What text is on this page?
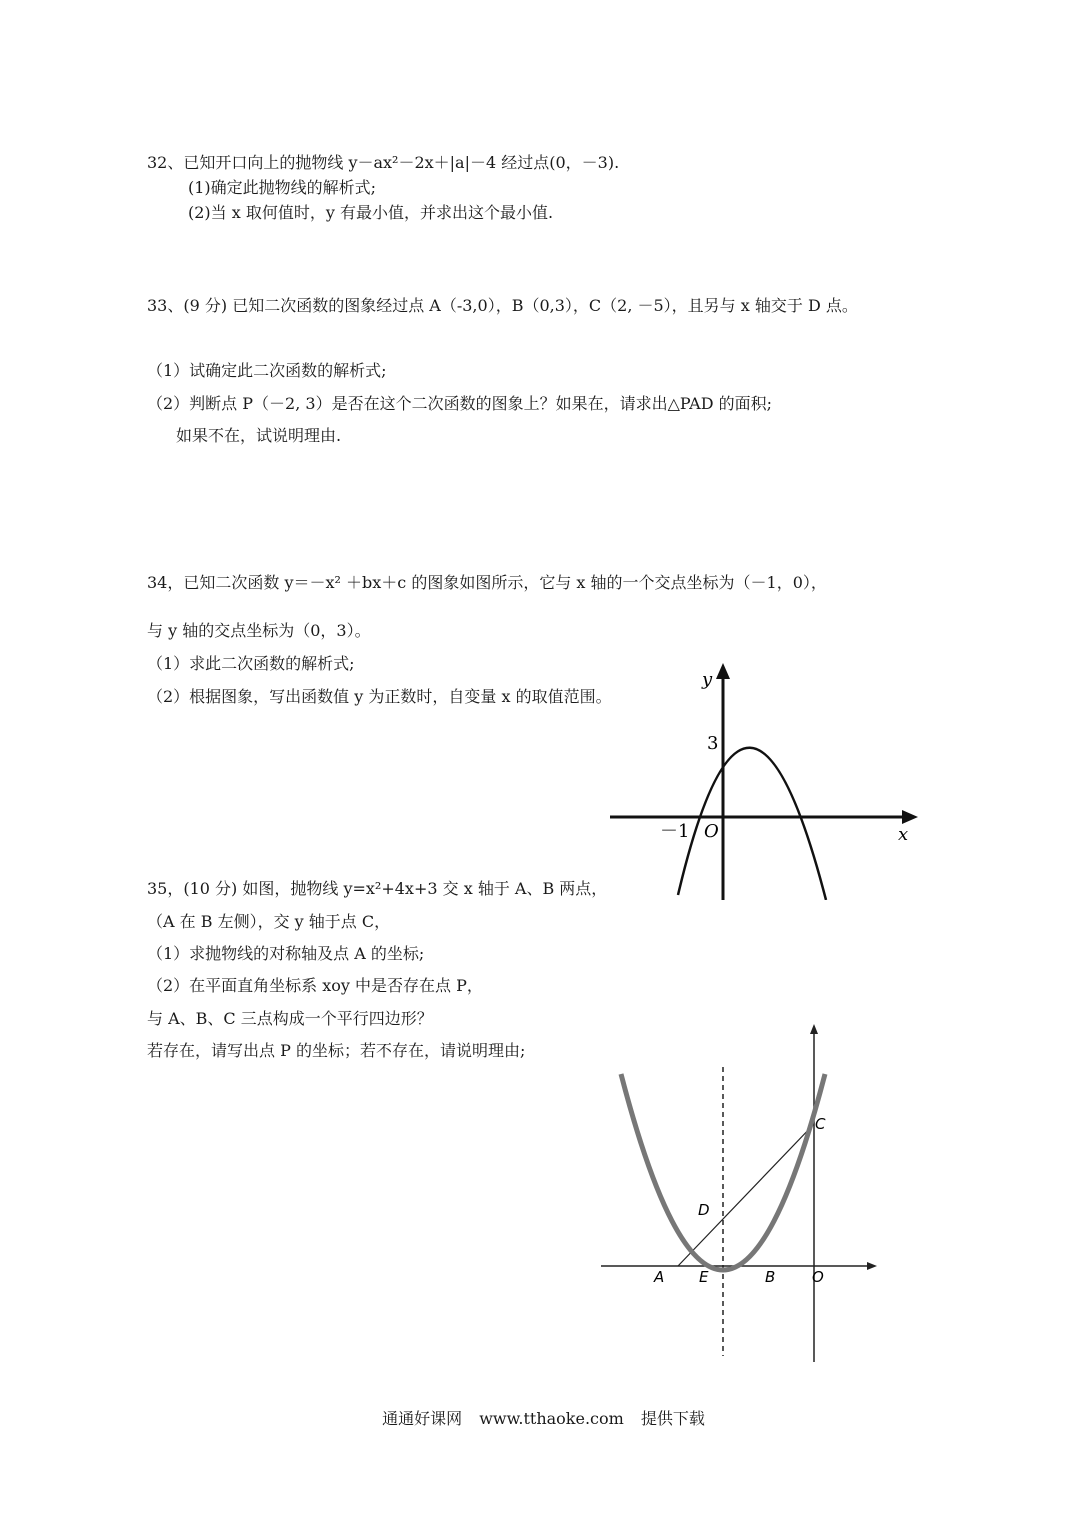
32、已知开口向上的抛物线 y－ax²－2x＋|a|－4 经过点(0，－3).
(1)确定此抛物线的解析式;
(2)当 x 取何值时，y 有最小值，并求出这个最小值.
33、(9 分) 已知二次函数的图象经过点 A（-3,0），B（0,3），C（2, －5），且另与 x 轴交于 D 点。
（1）试确定此二次函数的解析式;
（2）判断点 P（－2, 3）是否在这个二次函数的图象上？如果在，请求出△PAD 的面积;
如果不在，试说明理由.
34，已知二次函数 y＝－x² ＋bx＋c 的图象如图所示，它与 x 轴的一个交点坐标为（－1，0），
与 y 轴的交点坐标为（0，3）。
（1）求此二次函数的解析式;
（2）根据图象，写出函数值 y 为正数时，自变量 x 的取值范围。
y
x
O
－1
3
35，(10 分) 如图，抛物线 y=x²+4x+3 交 x 轴于 A、B 两点，
（A 在 B 左侧），交 y 轴于点 C，
（1）求抛物线的对称轴及点 A 的坐标;
（2）在平面直角坐标系 xoy 中是否存在点 P，
与 A、B、C 三点构成一个平行四边形？
若存在，请写出点 P 的坐标；若不存在，请说明理由;
A E	B O
C
D
通通好课网 www.tthaoke.com 提供下载
